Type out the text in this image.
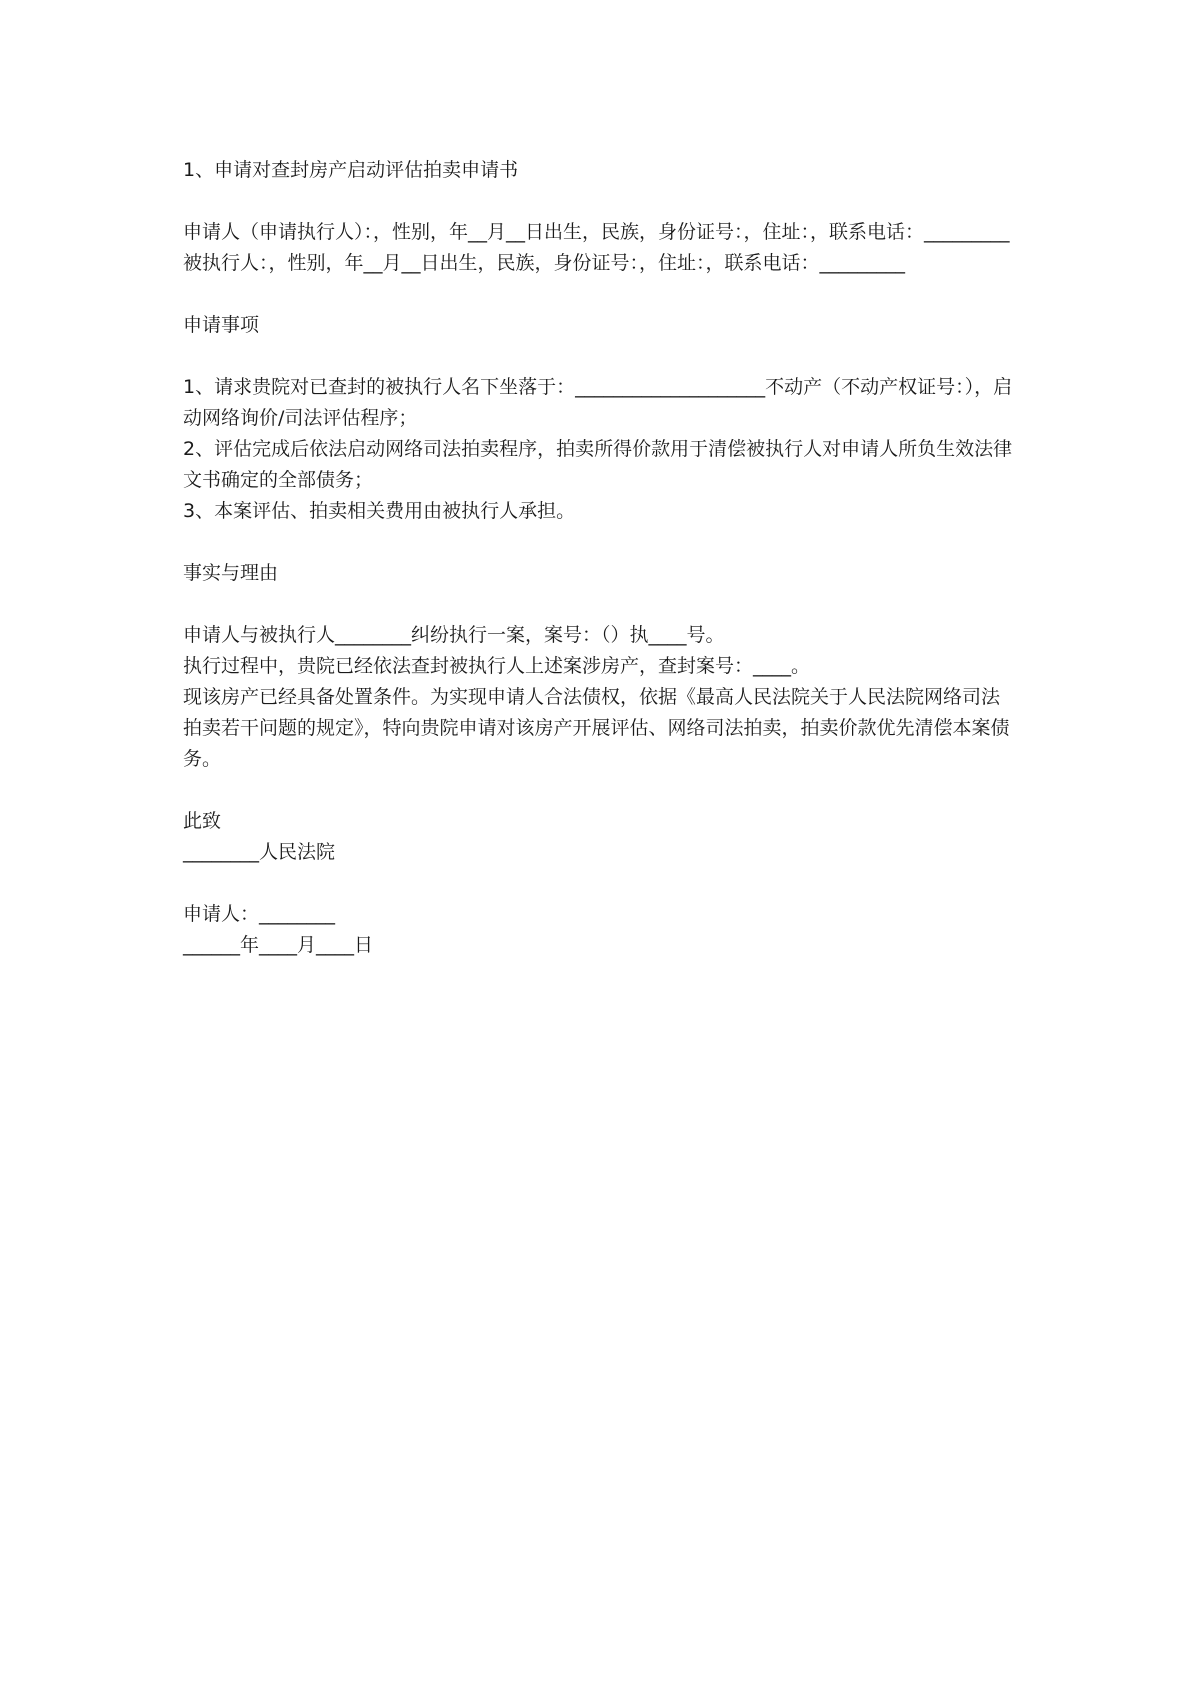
1、申请对查封房产启动评估拍卖申请书

申请人（申请执行人）：，性别，年__月__日出生，民族，身份证号：，住址：，联系电话：_________

被执行人：，性别，年__月__日出生，民族，身份证号：，住址：，联系电话：_________

申请事项

1、请求贵院对已查封的被执行人名下坐落于：____________________不动产（不动产权证号：），启动网络询价/司法评估程序；

2、评估完成后依法启动网络司法拍卖程序，拍卖所得价款用于清偿被执行人对申请人所负生效法律文书确定的全部债务；

3、本案评估、拍卖相关费用由被执行人承担。

事实与理由

申请人与被执行人________纠纷执行一案，案号：（）执____号。

执行过程中，贵院已经依法查封被执行人上述案涉房产，查封案号：____。

现该房产已经具备处置条件。为实现申请人合法债权，依据《最高人民法院关于人民法院网络司法拍卖若干问题的规定》，特向贵院申请对该房产开展评估、网络司法拍卖，拍卖价款优先清偿本案债务。

此致

________人民法院

申请人：________

______年____月____日
